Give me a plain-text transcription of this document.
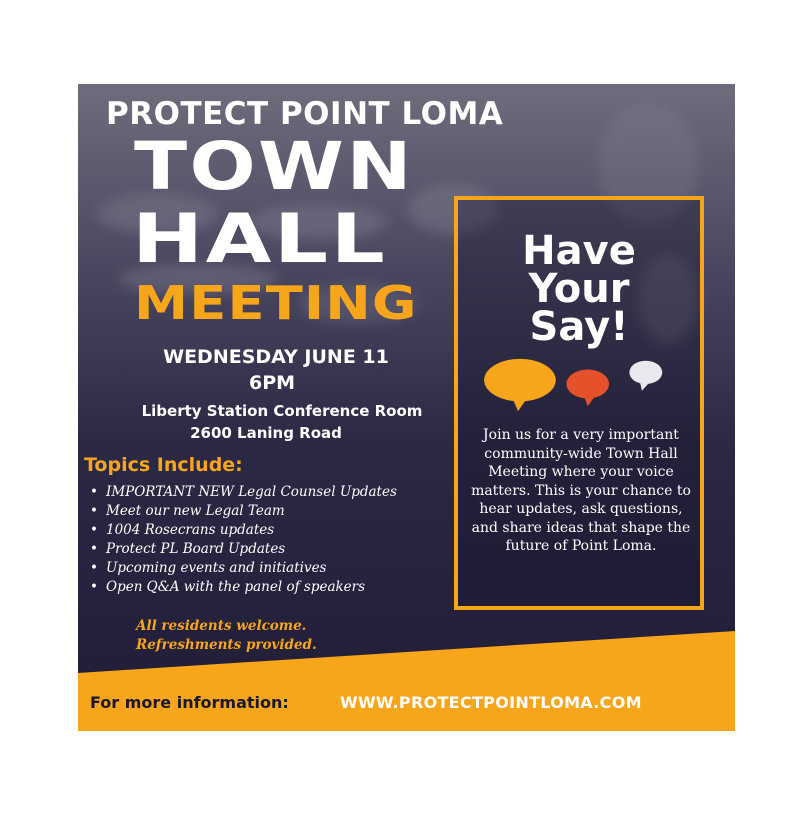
PROTECT POINT LOMA
TOWN
HALL
MEETING
WEDNESDAY JUNE 11
6PM
Liberty Station Conference Room
2600 Laning Road
Topics Include:
• IMPORTANT NEW Legal Counsel Updates
• Meet our new Legal Team
• 1004 Rosecrans updates
• Protect PL Board Updates
• Upcoming events and initiatives
• Open Q&A with the panel of speakers
All residents welcome.
Refreshments provided.
Have
Your
Say!
Join us for a very important community-wide Town Hall Meeting where your voice matters. This is your chance to hear updates, ask questions, and share ideas that shape the future of Point Loma.
For more information:	WWW.PROTECTPOINTLOMA.COM
